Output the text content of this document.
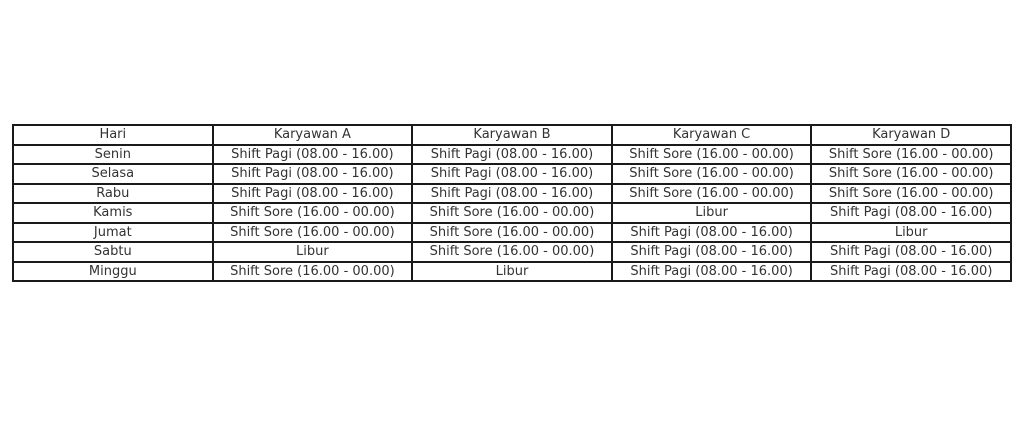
Hari	Karyawan A	Karyawan B	Karyawan C	Karyawan D
Senin	Shift Pagi (08.00 - 16.00)	Shift Pagi (08.00 - 16.00)	Shift Sore (16.00 - 00.00)	Shift Sore (16.00 - 00.00)
Selasa	Shift Pagi (08.00 - 16.00)	Shift Pagi (08.00 - 16.00)	Shift Sore (16.00 - 00.00)	Shift Sore (16.00 - 00.00)
Rabu	Shift Pagi (08.00 - 16.00)	Shift Pagi (08.00 - 16.00)	Shift Sore (16.00 - 00.00)	Shift Sore (16.00 - 00.00)
Kamis	Shift Sore (16.00 - 00.00)	Shift Sore (16.00 - 00.00)	Libur	Shift Pagi (08.00 - 16.00)
Jumat	Shift Sore (16.00 - 00.00)	Shift Sore (16.00 - 00.00)	Shift Pagi (08.00 - 16.00)	Libur
Sabtu	Libur	Shift Sore (16.00 - 00.00)	Shift Pagi (08.00 - 16.00)	Shift Pagi (08.00 - 16.00)
Minggu	Shift Sore (16.00 - 00.00)	Libur	Shift Pagi (08.00 - 16.00)	Shift Pagi (08.00 - 16.00)
